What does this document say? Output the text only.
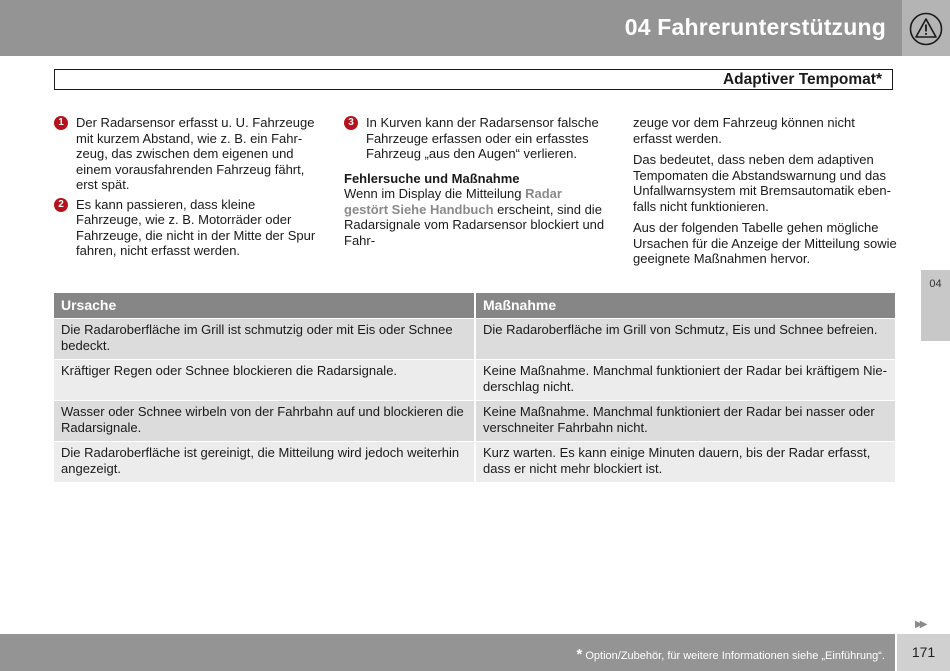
04 Fahrerunterstützung
Adaptiver Tempomat*
1 Der Radarsensor erfasst u. U. Fahrzeuge mit kurzem Abstand, wie z. B. ein Fahrzeug, das zwischen dem eigenen und einem vorausfahrenden Fahrzeug fährt, erst spät.

2 Es kann passieren, dass kleine Fahrzeuge, wie z. B. Motorräder oder Fahrzeuge, die nicht in der Mitte der Spur fahren, nicht erfasst werden.

3 In Kurven kann der Radarsensor falsche Fahrzeuge erfassen oder ein erfasstes Fahrzeug „aus den Augen“ verlieren.

Fehlersuche und Maßnahme

Wenn im Display die Mitteilung Radar gestört Siehe Handbuch erscheint, sind die Radarsignale vom Radarsensor blockiert und Fahr-

zeuge vor dem Fahrzeug können nicht erfasst werden.

Das bedeutet, dass neben dem adaptiven Tempomaten die Abstandswarnung und das Unfallwarnsystem mit Bremsautomatik ebenfalls nicht funktionieren.

Aus der folgenden Tabelle gehen mögliche Ursachen für die Anzeige der Mitteilung sowie geeignete Maßnahmen hervor.

04
Ursache	Maßnahme
Die Radaroberfläche im Grill ist schmutzig oder mit Eis oder Schnee bedeckt.	Die Radaroberfläche im Grill von Schmutz, Eis und Schnee befreien.
Kräftiger Regen oder Schnee blockieren die Radarsignale.	Keine Maßnahme. Manchmal funktioniert der Radar bei kräftigem Niederschlag nicht.
Wasser oder Schnee wirbeln von der Fahrbahn auf und blockieren die Radarsignale.	Keine Maßnahme. Manchmal funktioniert der Radar bei nasser oder verschneiter Fahrbahn nicht.
Die Radaroberfläche ist gereinigt, die Mitteilung wird jedoch weiterhin angezeigt.	Kurz warten. Es kann einige Minuten dauern, bis der Radar erfasst, dass er nicht mehr blockiert ist.
▶▶
* Option/Zubehör, für weitere Informationen siehe „Einführung“.	171
